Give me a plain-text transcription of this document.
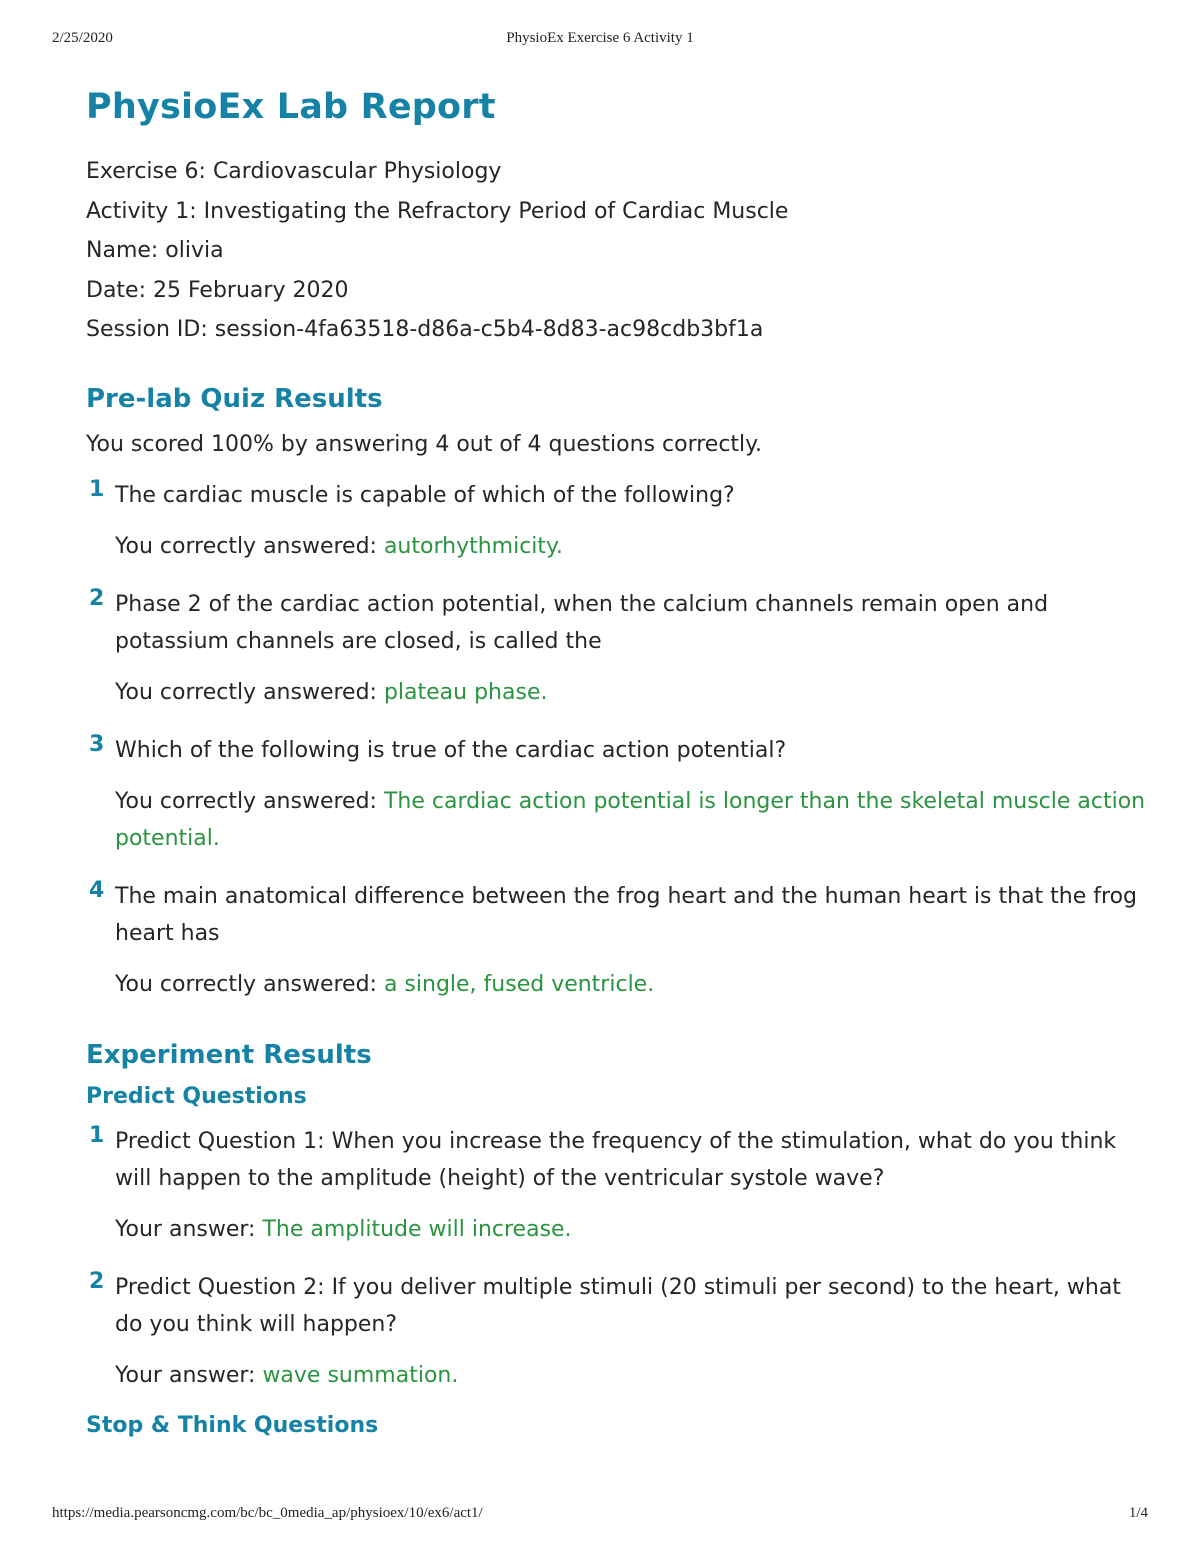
2/25/2020	PhysioEx Exercise 6 Activity 1
PhysioEx Lab Report
Exercise 6: Cardiovascular Physiology
Activity 1: Investigating the Refractory Period of Cardiac Muscle
Name: olivia
Date: 25 February 2020
Session ID: session-4fa63518-d86a-c5b4-8d83-ac98cdb3bf1a
Pre-lab Quiz Results
You scored 100% by answering 4 out of 4 questions correctly.
1 The cardiac muscle is capable of which of the following?
You correctly answered: autorhythmicity.
2 Phase 2 of the cardiac action potential, when the calcium channels remain open and potassium channels are closed, is called the
You correctly answered: plateau phase.
3 Which of the following is true of the cardiac action potential?
You correctly answered: The cardiac action potential is longer than the skeletal muscle action potential.
4 The main anatomical difference between the frog heart and the human heart is that the frog heart has
You correctly answered: a single, fused ventricle.
Experiment Results
Predict Questions
1 Predict Question 1: When you increase the frequency of the stimulation, what do you think will happen to the amplitude (height) of the ventricular systole wave?
Your answer: The amplitude will increase.
2 Predict Question 2: If you deliver multiple stimuli (20 stimuli per second) to the heart, what do you think will happen?
Your answer: wave summation.
Stop & Think Questions
https://media.pearsoncmg.com/bc/bc_0media_ap/physioex/10/ex6/act1/	1/4
